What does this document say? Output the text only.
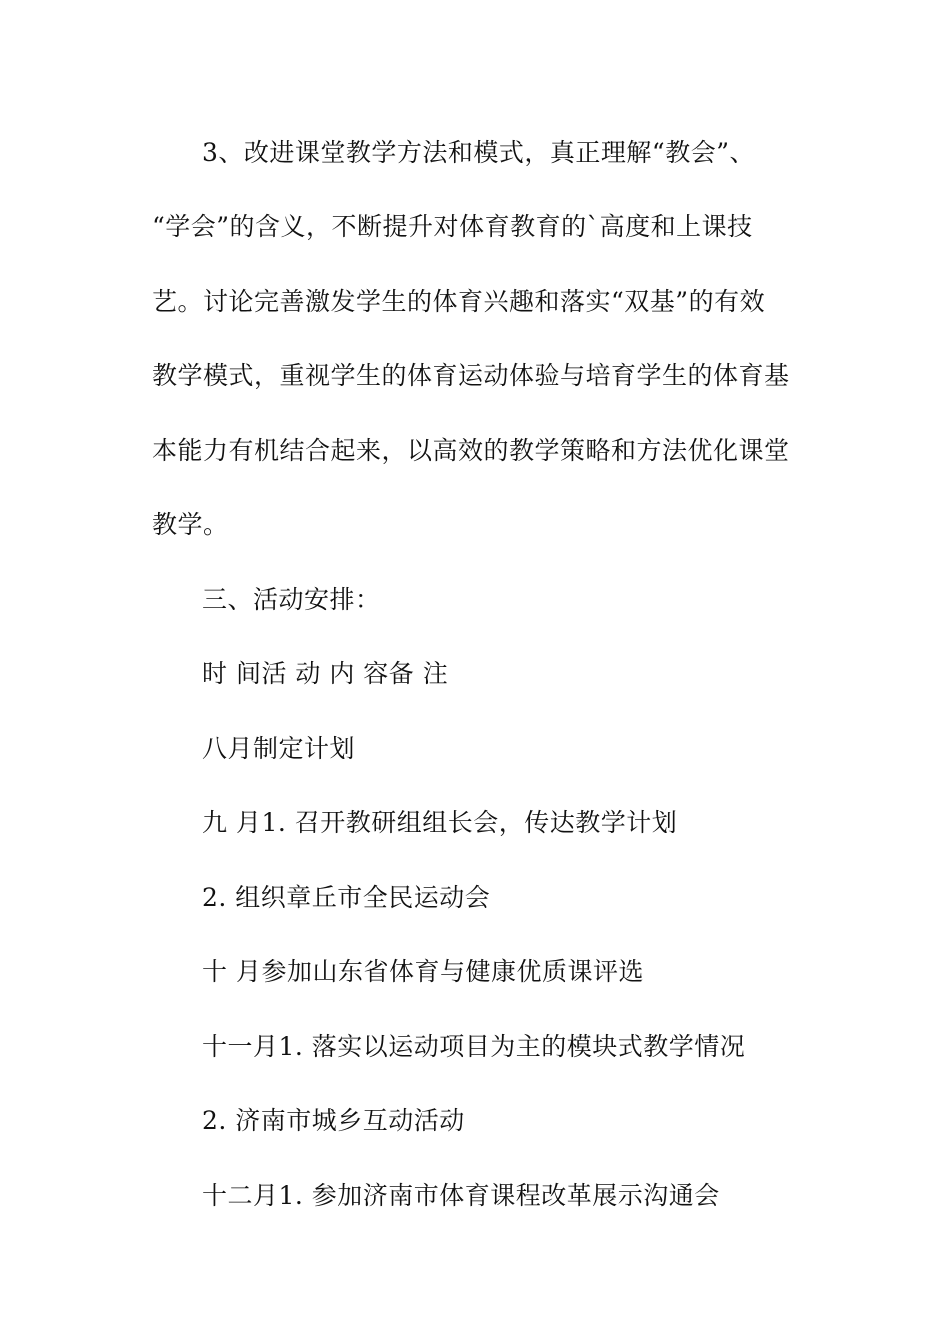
3、改进课堂教学方法和模式，真正理解“教会”、
“学会”的含义，不断提升对体育教育的`高度和上课技
艺。讨论完善激发学生的体育兴趣和落实“双基”的有效
教学模式，重视学生的体育运动体验与培育学生的体育基
本能力有机结合起来，以高效的教学策略和方法优化课堂
教学。
三、活动安排：
时 间活 动 内 容备 注
八月制定计划
九 月1. 召开教研组组长会，传达教学计划
2. 组织章丘市全民运动会
十 月参加山东省体育与健康优质课评选
十一月1. 落实以运动项目为主的模块式教学情况
2. 济南市城乡互动活动
十二月1. 参加济南市体育课程改革展示沟通会
